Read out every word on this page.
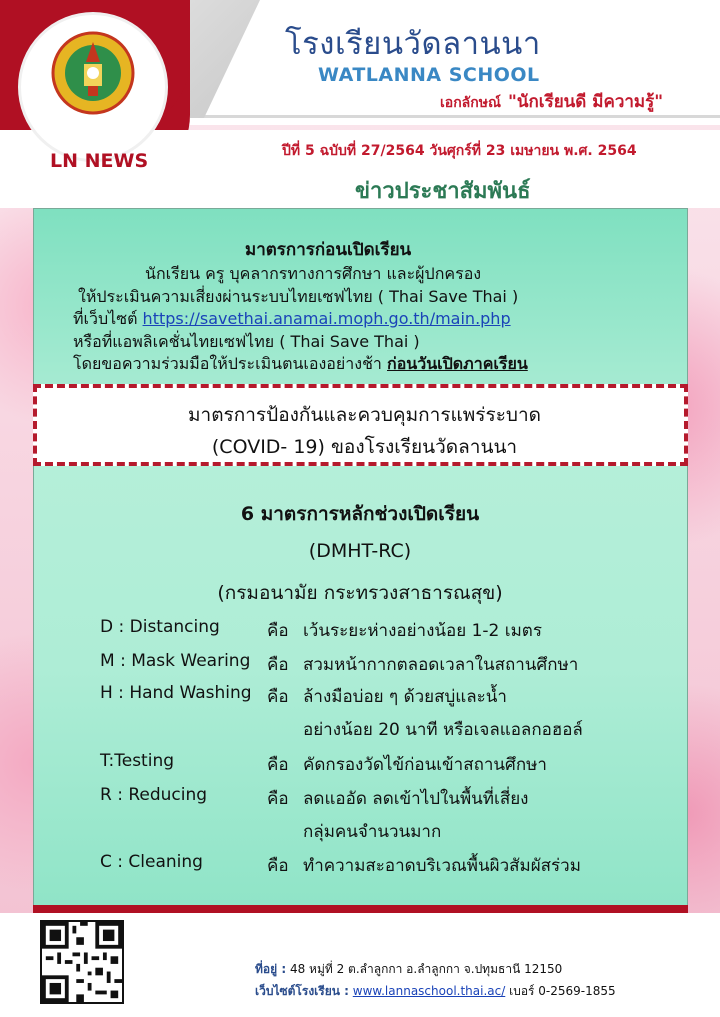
โรงเรียนวัดลานนา
WATLANNA SCHOOL
เอกลักษณ์ "นักเรียนดี มีความรู้"
LN NEWS	ปีที่ 5 ฉบับที่ 27/2564 วันศุกร์ที่ 23 เมษายน พ.ศ. 2564
ข่าวประชาสัมพันธ์
มาตรการก่อนเปิดเรียน
นักเรียน ครู บุคลากรทางการศึกษา และผู้ปกครอง
ให้ประเมินความเสี่ยงผ่านระบบไทยเซฟไทย ( Thai Save Thai )
ที่เว็บไซต์ https://savethai.anamai.moph.go.th/main.php
หรือที่แอพลิเคชั่นไทยเซฟไทย ( Thai Save Thai )
โดยขอความร่วมมือให้ประเมินตนเองอย่างช้า ก่อนวันเปิดภาคเรียน
มาตรการป้องกันและควบคุมการแพร่ระบาด
(COVID- 19) ของโรงเรียนวัดลานนา
6 มาตรการหลักช่วงเปิดเรียน
(DMHT-RC)
(กรมอนามัย กระทรวงสาธารณสุข)
D : Distancing	คือ เว้นระยะห่างอย่างน้อย 1-2 เมตร
M : Mask Wearing คือ สวมหน้ากากตลอดเวลาในสถานศึกษา
H : Hand Washing คือ ล้างมือบ่อย ๆ ด้วยสบู่และน้ำ
อย่างน้อย 20 นาที หรือเจลแอลกอฮอล์
T:Testing	คือ คัดกรองวัดไข้ก่อนเข้าสถานศึกษา
R : Reducing	คือ ลดแออัด ลดเข้าไปในพื้นที่เสี่ยง
กลุ่มคนจำนวนมาก
C : Cleaning	คือ ทำความสะอาดบริเวณพื้นผิวสัมผัสร่วม
ที่อยู่ : 48 หมู่ที่ 2 ต.ลำลูกกา อ.ลำลูกกา จ.ปทุมธานี 12150
เว็บไซต์โรงเรียน : www.lannaschool.thai.ac/ เบอร์ 0-2569-1855
